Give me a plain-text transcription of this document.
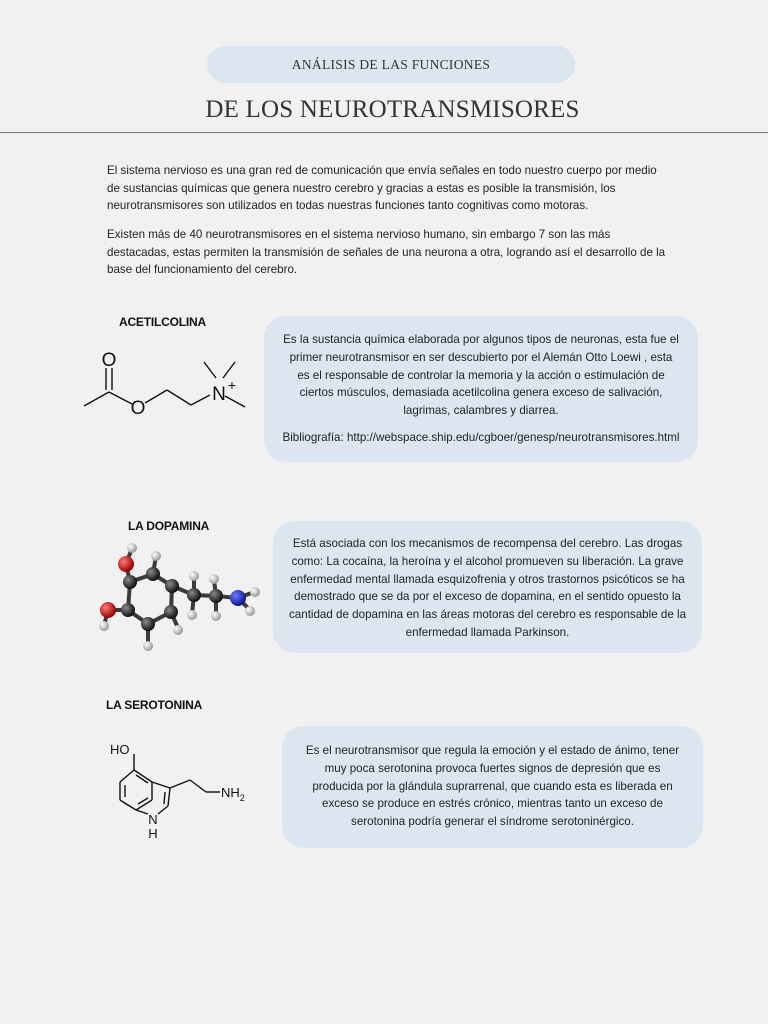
ANÁLISIS DE LAS FUNCIONES
DE LOS NEUROTRANSMISORES

El sistema nervioso es una gran red de comunicación que envía señales en todo nuestro cuerpo por medio de sustancias químicas que genera nuestro cerebro y gracias a estas es posible la transmisión, los neurotransmisores son utilizados en todas nuestras funciones tanto cognitivas como motoras.

Existen más de 40 neurotransmisores en el sistema nervioso humano, sin embargo 7 son las más destacadas, estas permiten la transmisión de señales de una neurona a otra, logrando así el desarrollo de la base del funcionamiento del cerebro.

ACETILCOLINA
O
O
N +

Es la sustancia química elaborada por algunos tipos de neuronas, esta fue el primer neurotransmisor en ser descubierto por el Alemán Otto Loewi , esta es el responsable de controlar la memoria y la acción o estimulación de ciertos músculos, demasiada acetilcolina genera exceso de salivación, lagrimas, calambres y diarrea.

Bibliografía: http://webspace.ship.edu/cgboer/genesp/neurotransmisores.html

LA DOPAMINA

Está asociada con los mecanismos de recompensa del cerebro. Las drogas como: La cocaína, la heroína y el alcohol promueven su liberación. La grave enfermedad mental llamada esquizofrenia y otros trastornos psicóticos se ha demostrado que se da por el exceso de dopamina, en el sentido opuesto la cantidad de dopamina en las áreas motoras del cerebro es responsable de la enfermedad llamada Parkinson.

LA SEROTONINA
HO
$NH_2$
N
H

Es el neurotransmisor que regula la emoción y el estado de ánimo, tener muy poca serotonina provoca fuertes signos de depresión que es producida por la glándula suprarrenal, que cuando esta es liberada en exceso se produce en estrés crónico, mientras tanto un exceso de serotonina podría generar el síndrome serotoninérgico.
